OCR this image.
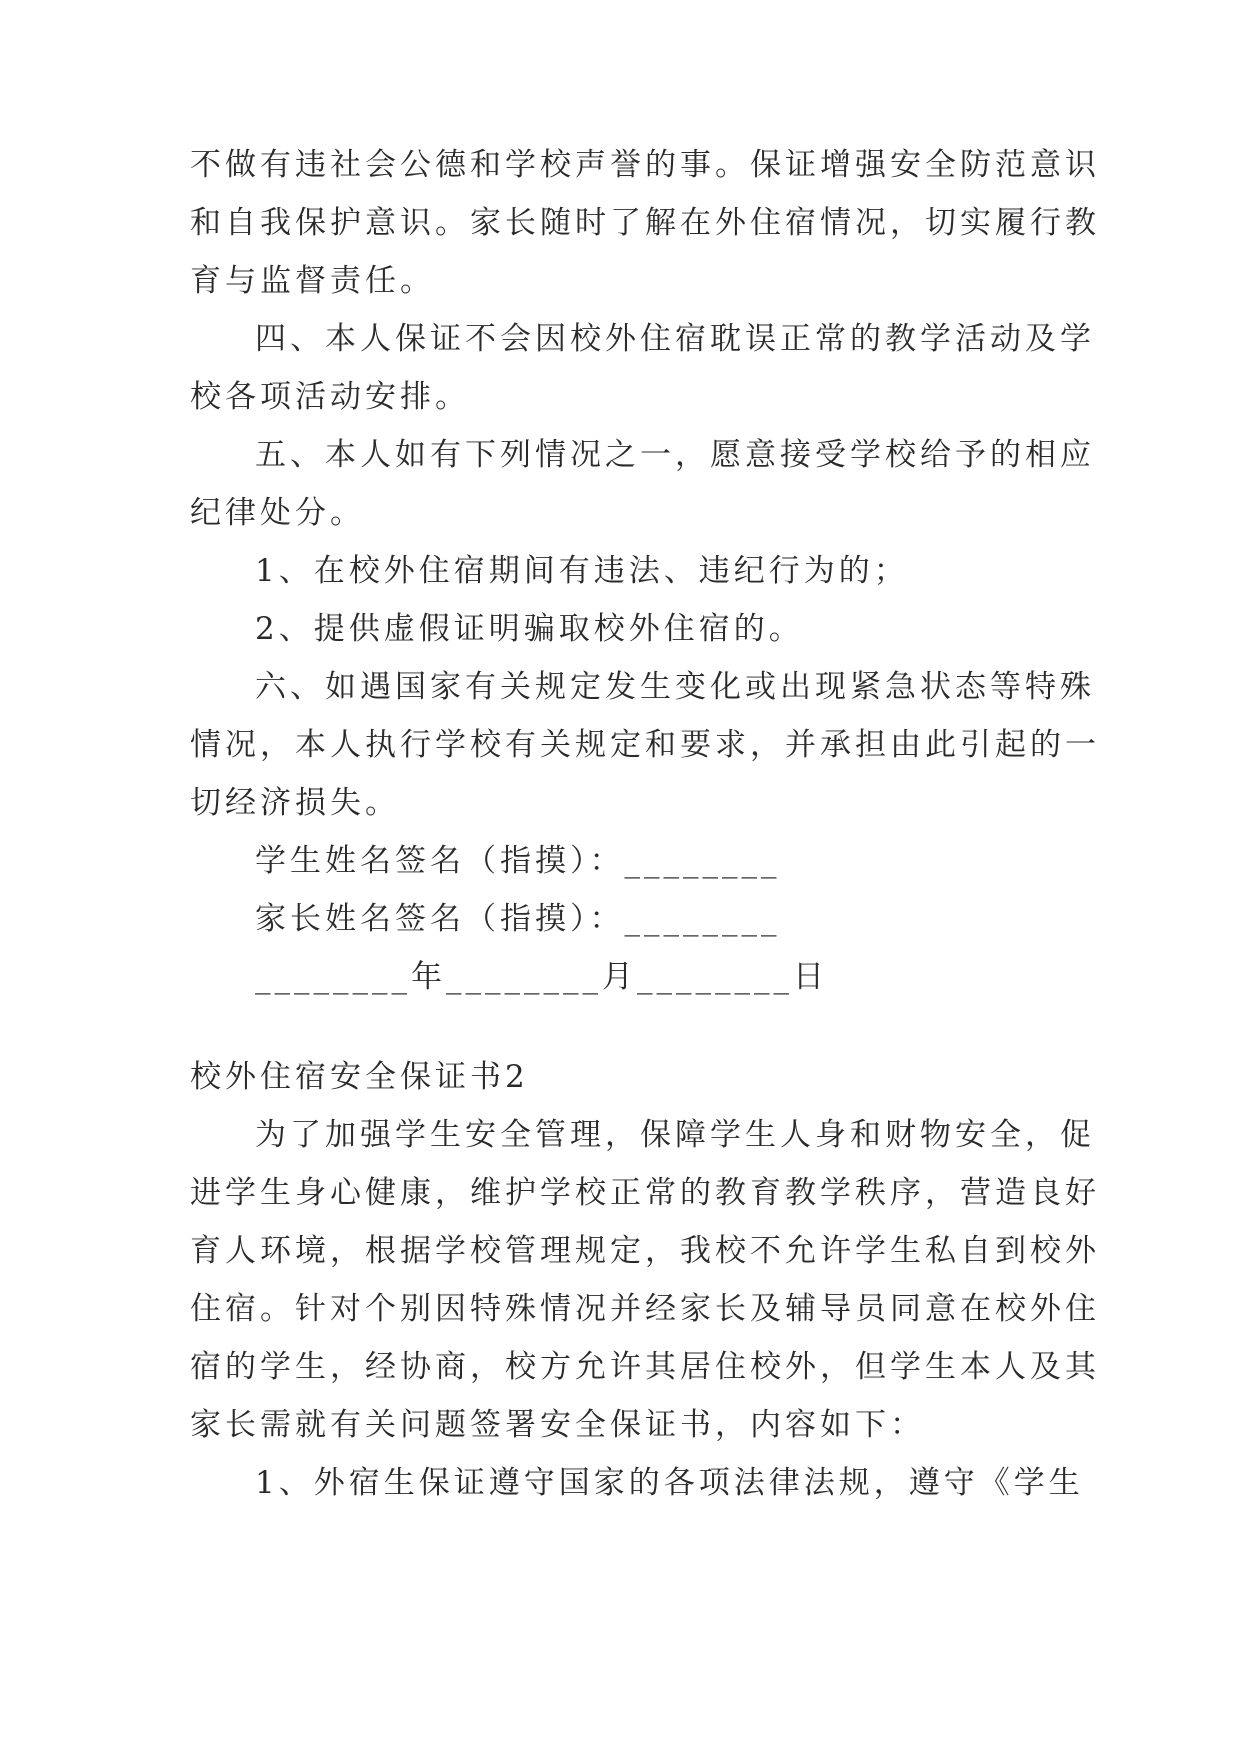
不做有违社会公德和学校声誉的事。保证增强安全防范意识
和自我保护意识。家长随时了解在外住宿情况，切实履行教
育与监督责任。
四、本人保证不会因校外住宿耽误正常的教学活动及学
校各项活动安排。
五、本人如有下列情况之一，愿意接受学校给予的相应
纪律处分。
1、在校外住宿期间有违法、违纪行为的；
2、提供虚假证明骗取校外住宿的。
六、如遇国家有关规定发生变化或出现紧急状态等特殊
情况，本人执行学校有关规定和要求，并承担由此引起的一
切经济损失。
学生姓名签名（指摸）：________
家长姓名签名（指摸）：________
________年________月________日
校外住宿安全保证书2
为了加强学生安全管理，保障学生人身和财物安全，促
进学生身心健康，维护学校正常的教育教学秩序，营造良好
育人环境，根据学校管理规定，我校不允许学生私自到校外
住宿。针对个别因特殊情况并经家长及辅导员同意在校外住
宿的学生，经协商，校方允许其居住校外，但学生本人及其
家长需就有关问题签署安全保证书，内容如下：
1、外宿生保证遵守国家的各项法律法规，遵守《学生
